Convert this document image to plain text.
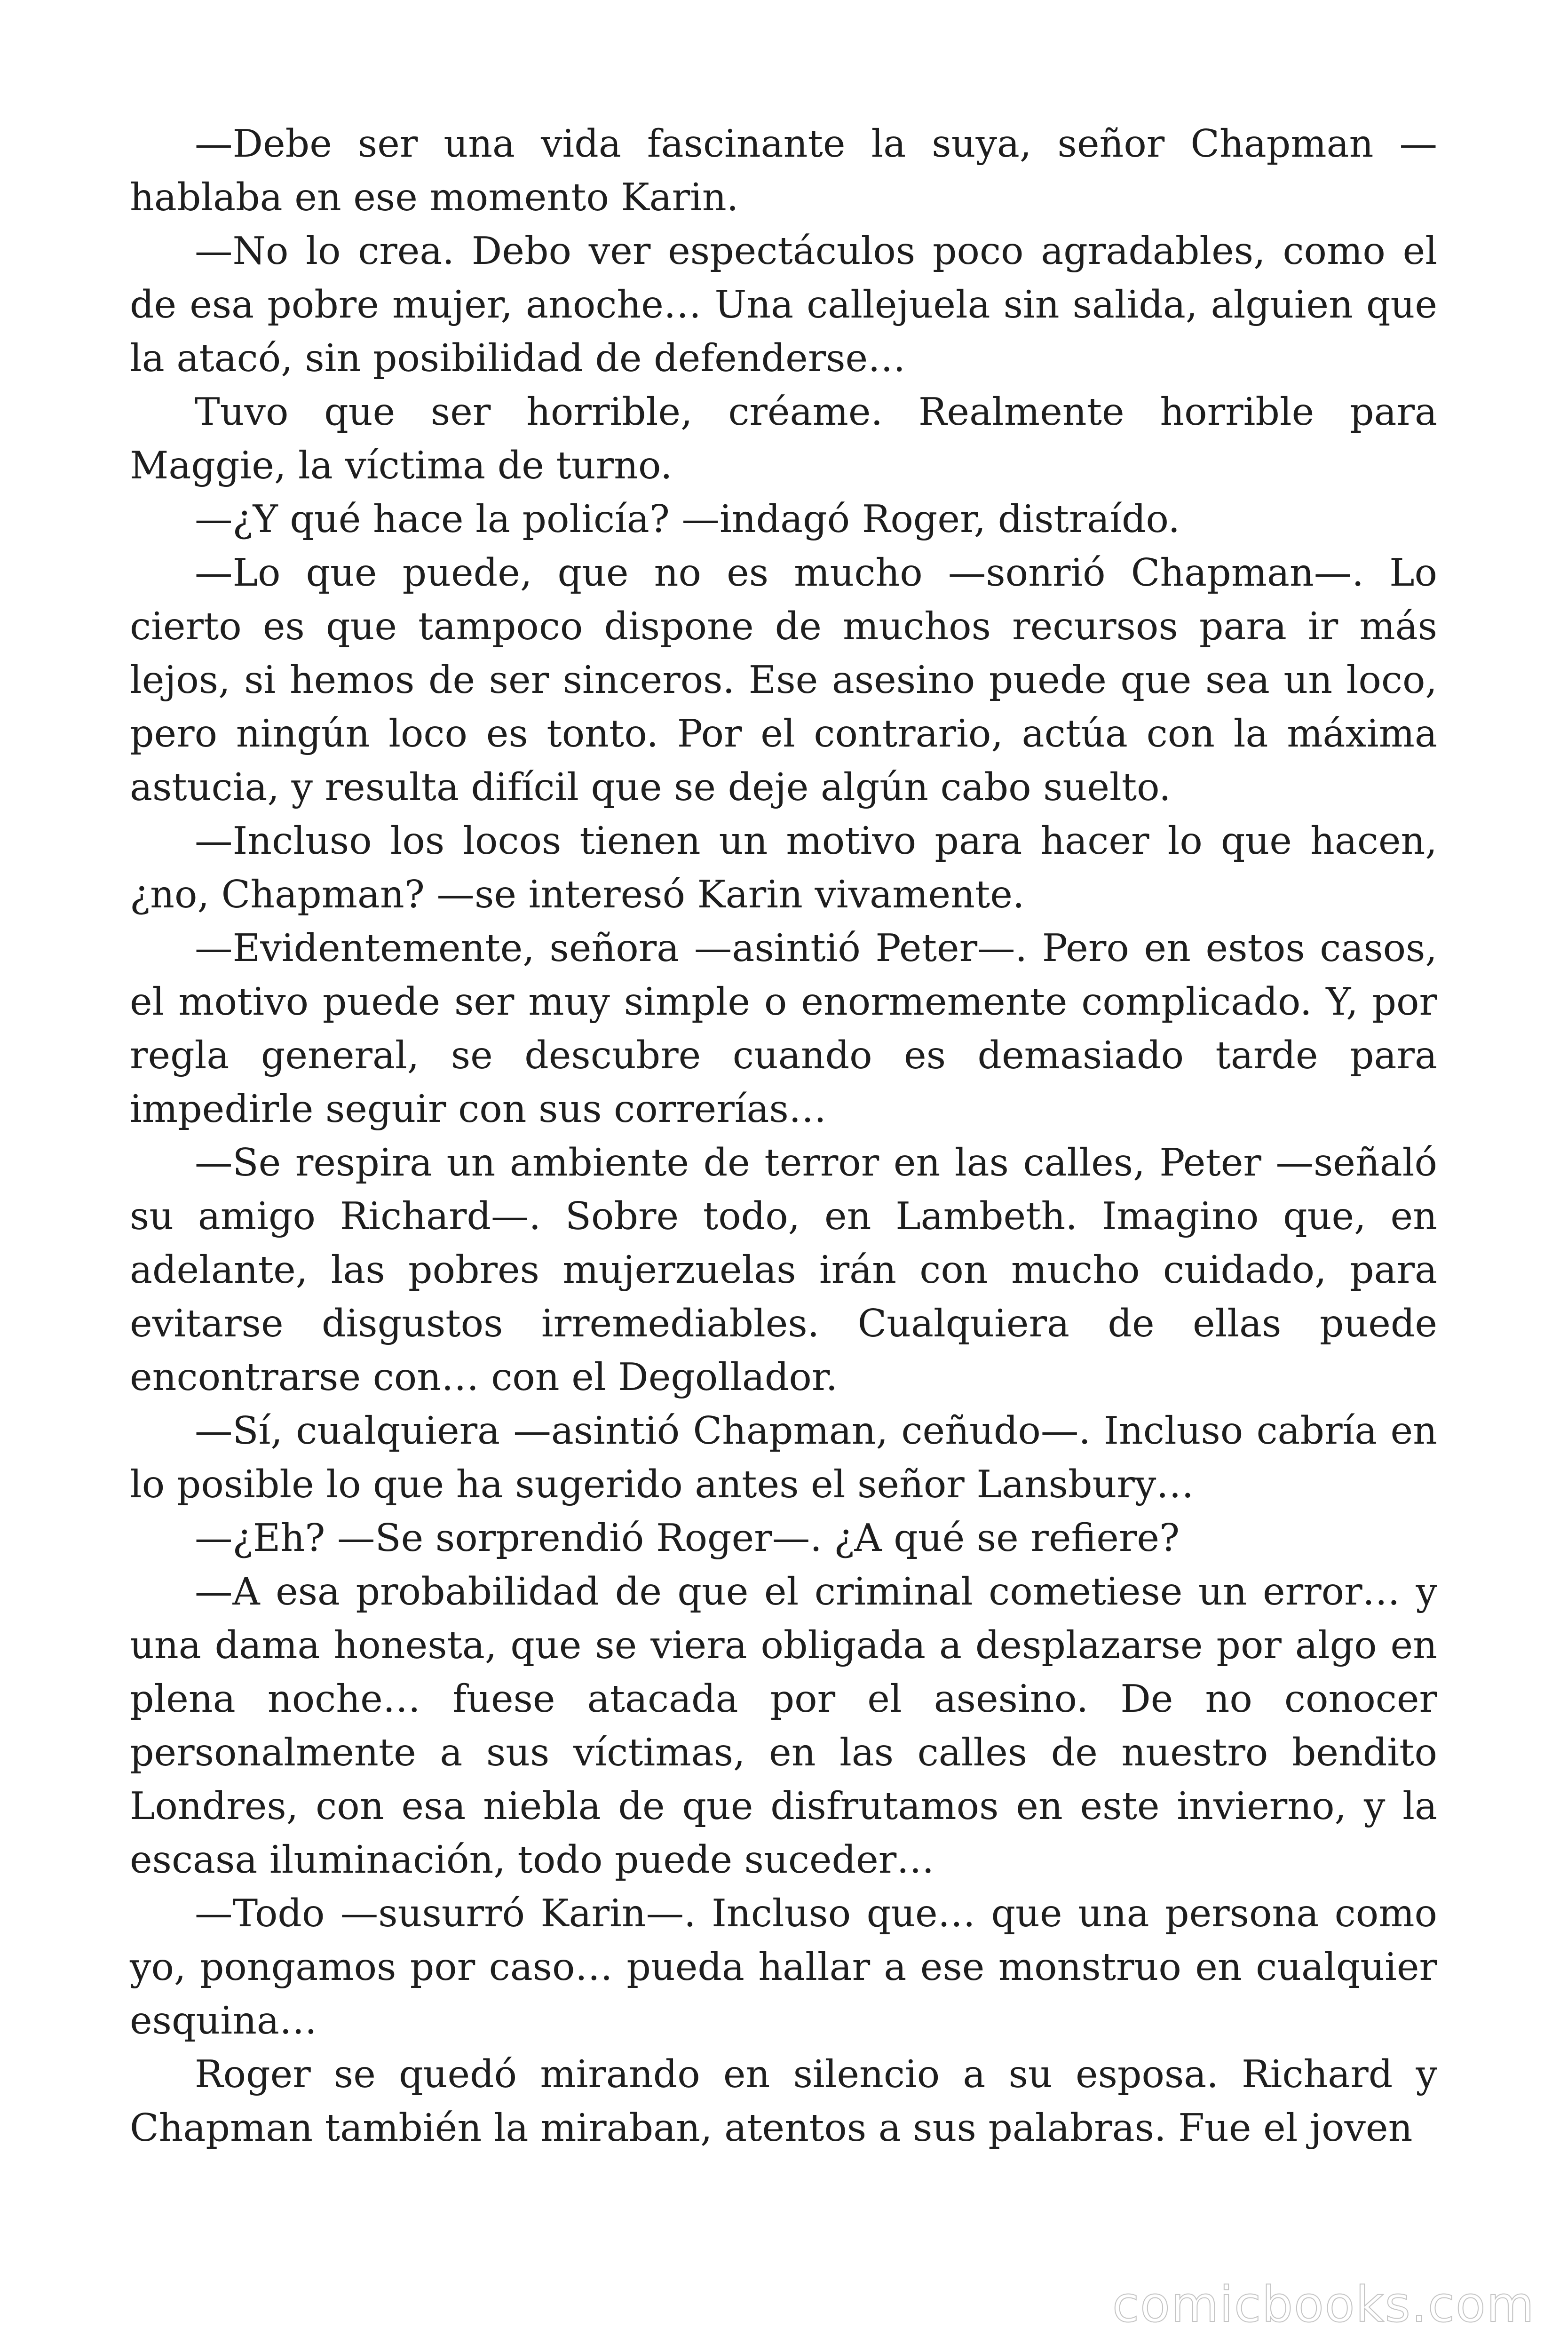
—Debe ser una vida fascinante la suya, señor Chapman —hablaba en ese momento Karin.

—No lo crea. Debo ver espectáculos poco agradables, como el de esa pobre mujer, anoche… Una callejuela sin salida, alguien que la atacó, sin posibilidad de defenderse…

Tuvo que ser horrible, créame. Realmente horrible para Maggie, la víctima de turno.

—¿Y qué hace la policía? —indagó Roger, distraído.

—Lo que puede, que no es mucho —sonrió Chapman—. Lo cierto es que tampoco dispone de muchos recursos para ir más lejos, si hemos de ser sinceros. Ese asesino puede que sea un loco, pero ningún loco es tonto. Por el contrario, actúa con la máxima astucia, y resulta difícil que se deje algún cabo suelto.

—Incluso los locos tienen un motivo para hacer lo que hacen, ¿no, Chapman? —se interesó Karin vivamente.

—Evidentemente, señora —asintió Peter—. Pero en estos casos, el motivo puede ser muy simple o enormemente complicado. Y, por regla general, se descubre cuando es demasiado tarde para impedirle seguir con sus correrías…

—Se respira un ambiente de terror en las calles, Peter —señaló su amigo Richard—. Sobre todo, en Lambeth. Imagino que, en adelante, las pobres mujerzuelas irán con mucho cuidado, para evitarse disgustos irremediables. Cualquiera de ellas puede encontrarse con… con el Degollador.

—Sí, cualquiera —asintió Chapman, ceñudo—. Incluso cabría en lo posible lo que ha sugerido antes el señor Lansbury…

—¿Eh? —Se sorprendió Roger—. ¿A qué se refiere?

—A esa probabilidad de que el criminal cometiese un error… y una dama honesta, que se viera obligada a desplazarse por algo en plena noche… fuese atacada por el asesino. De no conocer personalmente a sus víctimas, en las calles de nuestro bendito Londres, con esa niebla de que disfrutamos en este invierno, y la escasa iluminación, todo puede suceder…

—Todo —susurró Karin—. Incluso que… que una persona como yo, pongamos por caso… pueda hallar a ese monstruo en cualquier esquina…

Roger se quedó mirando en silencio a su esposa. Richard y Chapman también la miraban, atentos a sus palabras. Fue el joven

comicbooks.com
